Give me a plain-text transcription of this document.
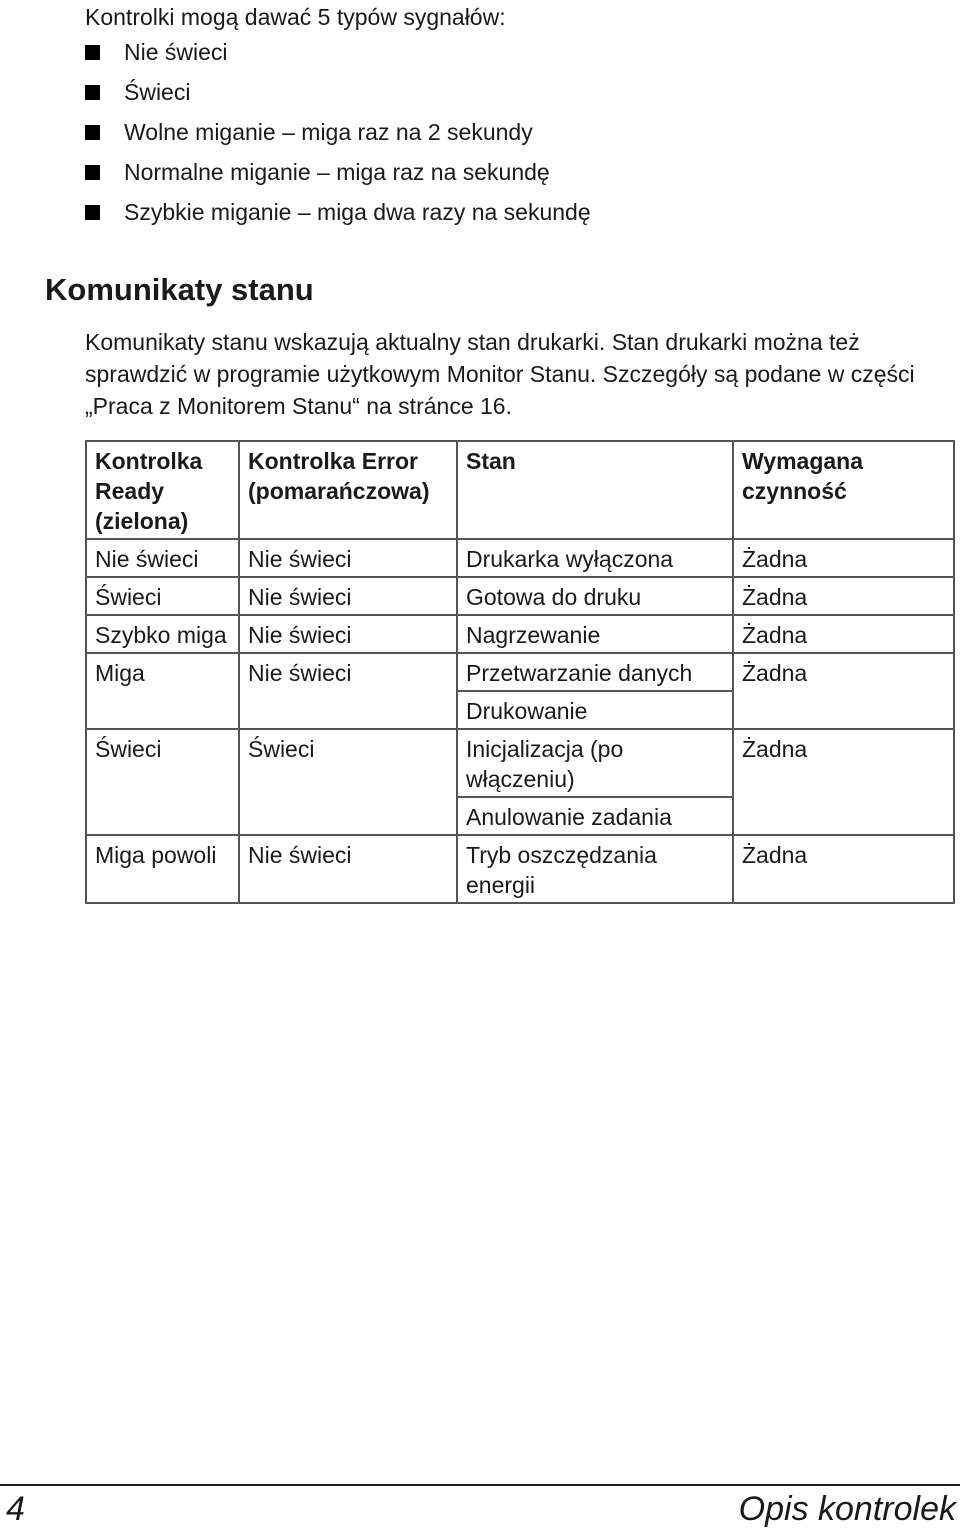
Kontrolki mogą dawać 5 typów sygnałów:
Nie świeci
Świeci
Wolne miganie – miga raz na 2 sekundy
Normalne miganie – miga raz na sekundę
Szybkie miganie – miga dwa razy na sekundę
Komunikaty stanu
Komunikaty stanu wskazują aktualny stan drukarki. Stan drukarki można też sprawdzić w programie użytkowym Monitor Stanu. Szczegóły są podane w części „Praca z Monitorem Stanu“ na stránce 16.
Kontrolka Ready (zielona)	Kontrolka Error (pomarańczowa)	Stan	Wymagana czynność
Nie świeci	Nie świeci	Drukarka wyłączona	Żadna
Świeci	Nie świeci	Gotowa do druku	Żadna
Szybko miga	Nie świeci	Nagrzewanie	Żadna
Miga	Nie świeci	Przetwarzanie danych	Żadna
		Drukowanie	
Świeci	Świeci	Inicjalizacja (po włączeniu)	Żadna
		Anulowanie zadania	
Miga powoli	Nie świeci	Tryb oszczędzania energii	Żadna
4	Opis kontrolek
